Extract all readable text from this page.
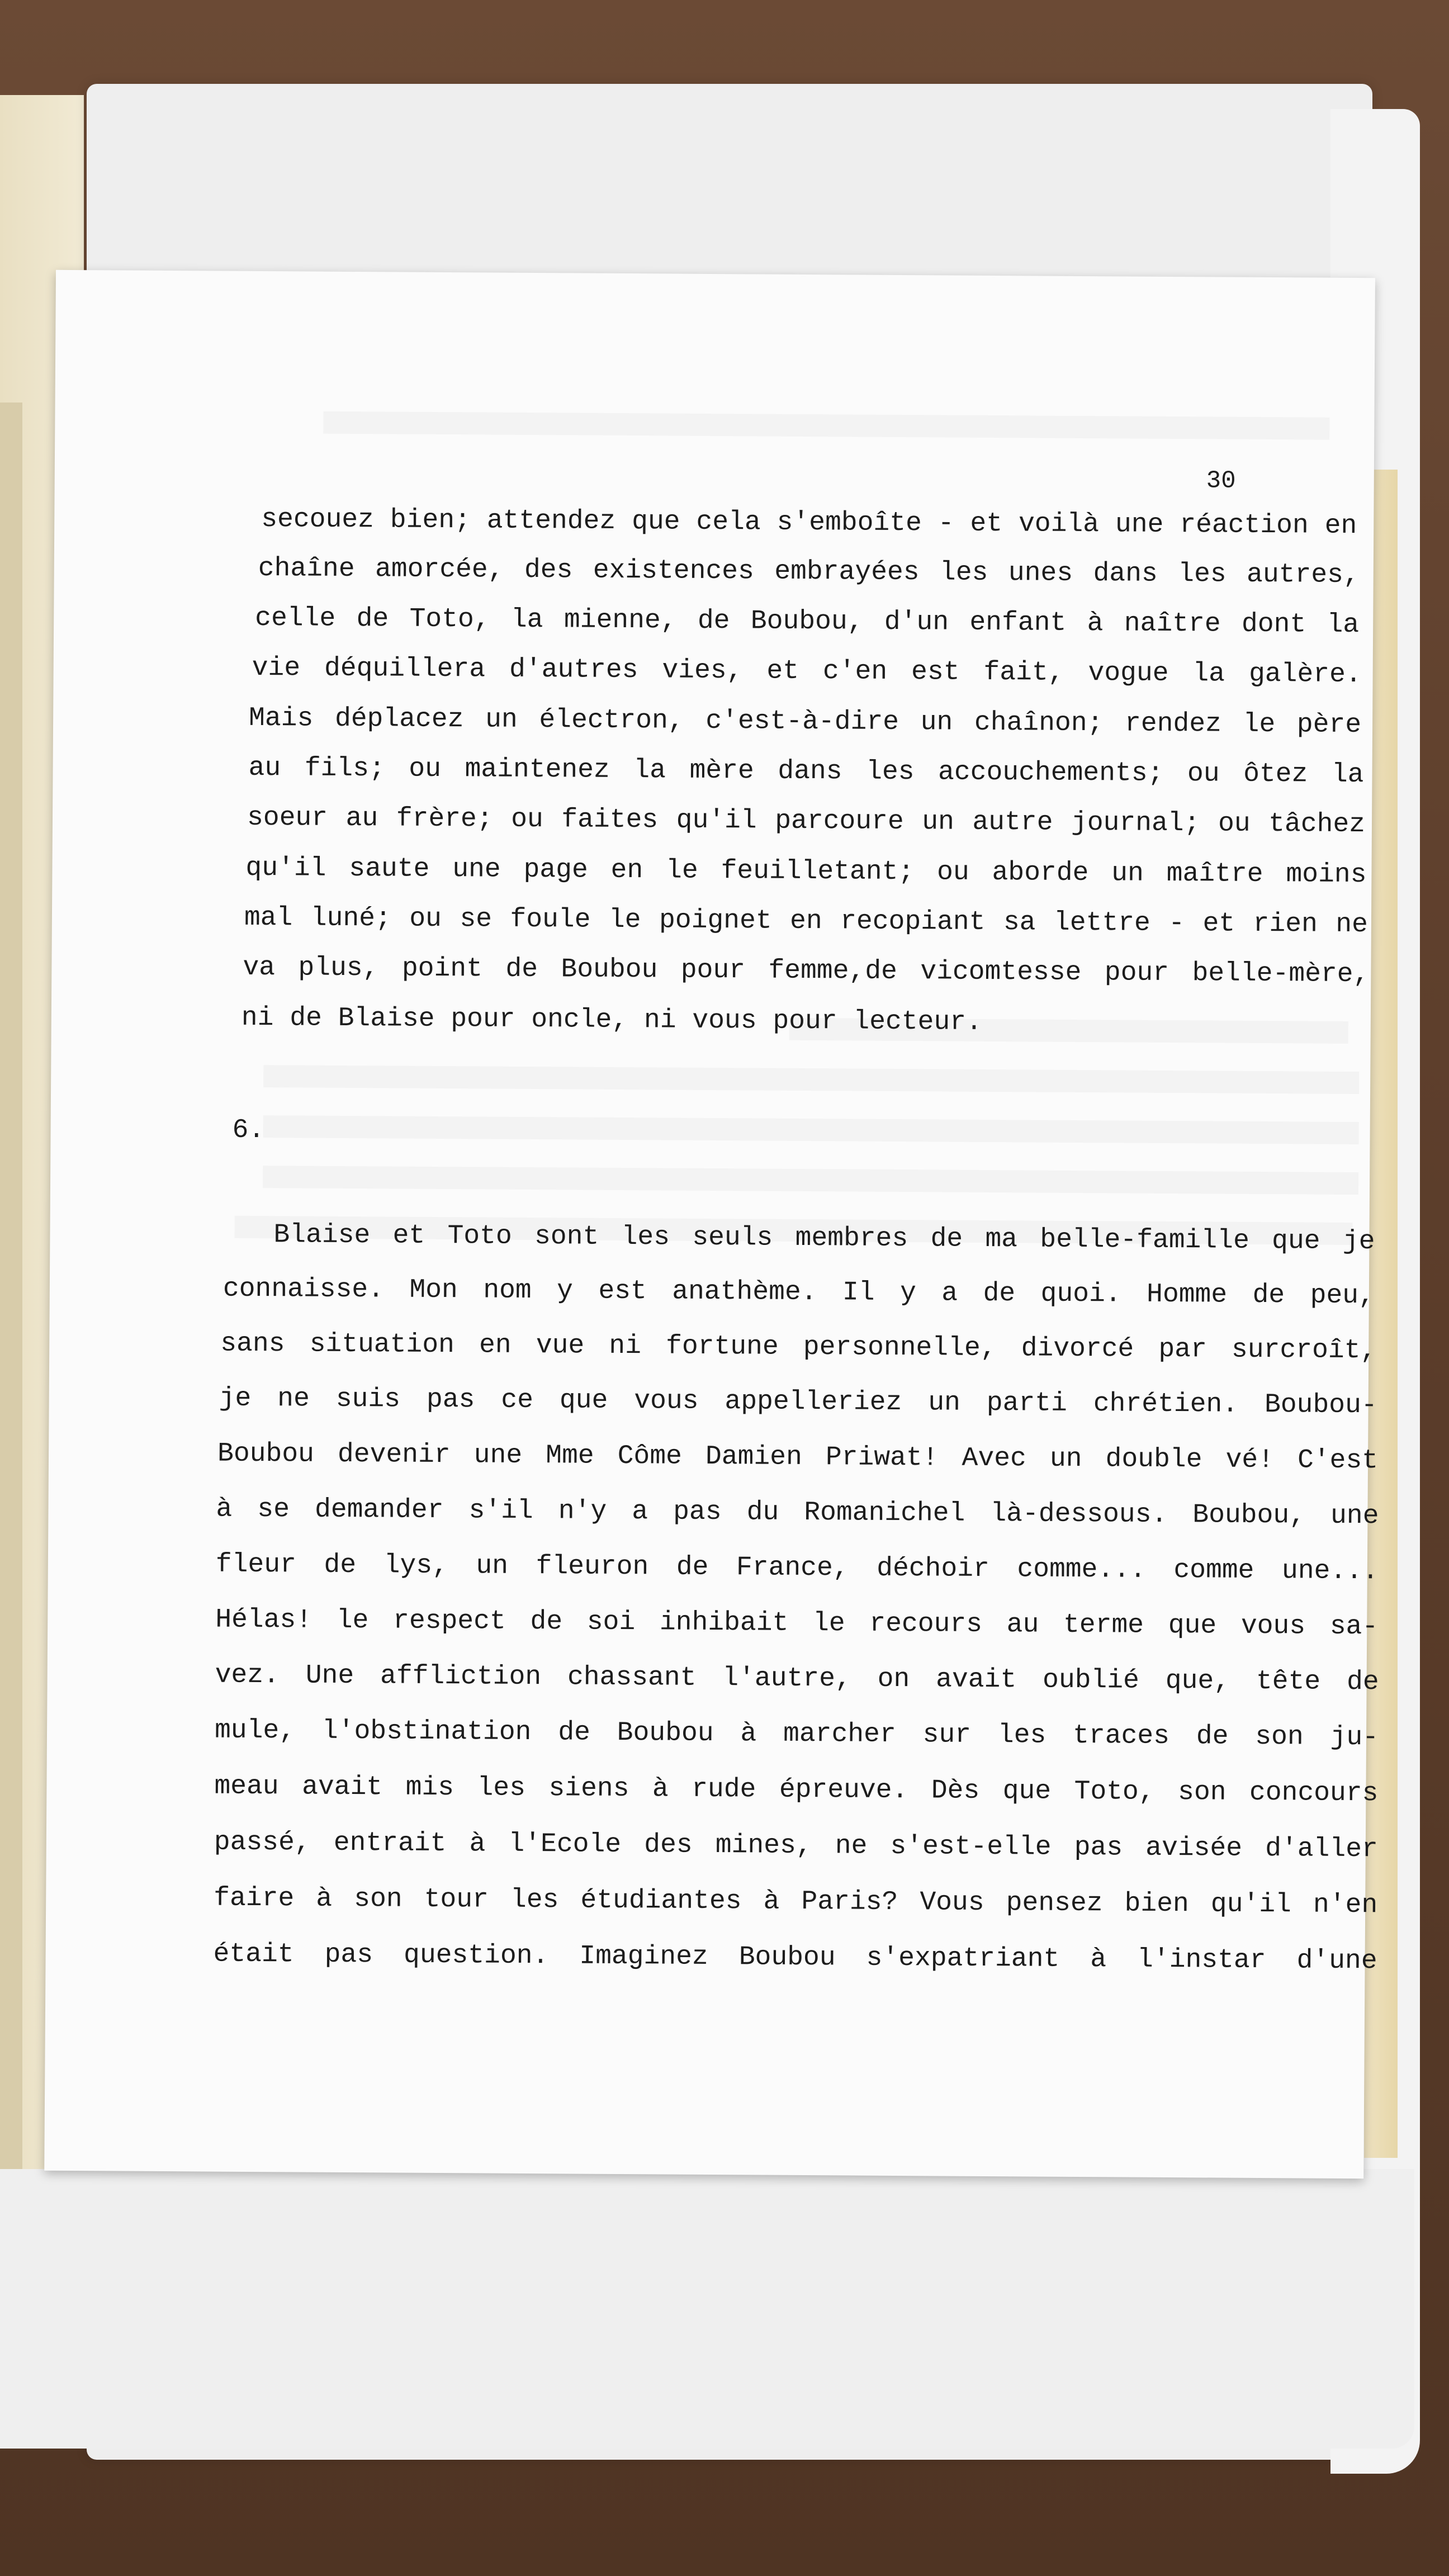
30
secouez bien; attendez que cela s'emboîte - et voilà une réaction en
chaîne amorcée, des existences embrayées les unes dans les autres,
celle de Toto, la mienne, de Boubou, d'un enfant à naître dont la
vie déquillera d'autres vies, et c'en est fait, vogue la galère.
Mais déplacez un électron, c'est-à-dire un chaînon; rendez le père
au fils; ou maintenez la mère dans les accouchements; ou ôtez la
soeur au frère; ou faites qu'il parcoure un autre journal; ou tâchez
qu'il saute une page en le feuilletant; ou aborde un maître moins
mal luné; ou se foule le poignet en recopiant sa lettre - et rien ne
va plus, point de Boubou pour femme,de vicomtesse pour belle-mère,
ni de Blaise pour oncle, ni vous pour lecteur.
6.
Blaise et Toto sont les seuls membres de ma belle-famille que je
connaisse. Mon nom y est anathème. Il y a de quoi. Homme de peu,
sans situation en vue ni fortune personnelle, divorcé par surcroît,
je ne suis pas ce que vous appelleriez un parti chrétien. Boubou-
Boubou devenir une Mme Côme Damien Priwat! Avec un double vé! C'est
à se demander s'il n'y a pas du Romanichel là-dessous. Boubou, une
fleur de lys, un fleuron de France, déchoir comme... comme une...
Hélas! le respect de soi inhibait le recours au terme que vous sa-
vez. Une affliction chassant l'autre, on avait oublié que, tête de
mule, l'obstination de Boubou à marcher sur les traces de son ju-
meau avait mis les siens à rude épreuve. Dès que Toto, son concours
passé, entrait à l'Ecole des mines, ne s'est-elle pas avisée d'aller
faire à son tour les étudiantes à Paris? Vous pensez bien qu'il n'en
était pas question. Imaginez Boubou s'expatriant à l'instar d'une
